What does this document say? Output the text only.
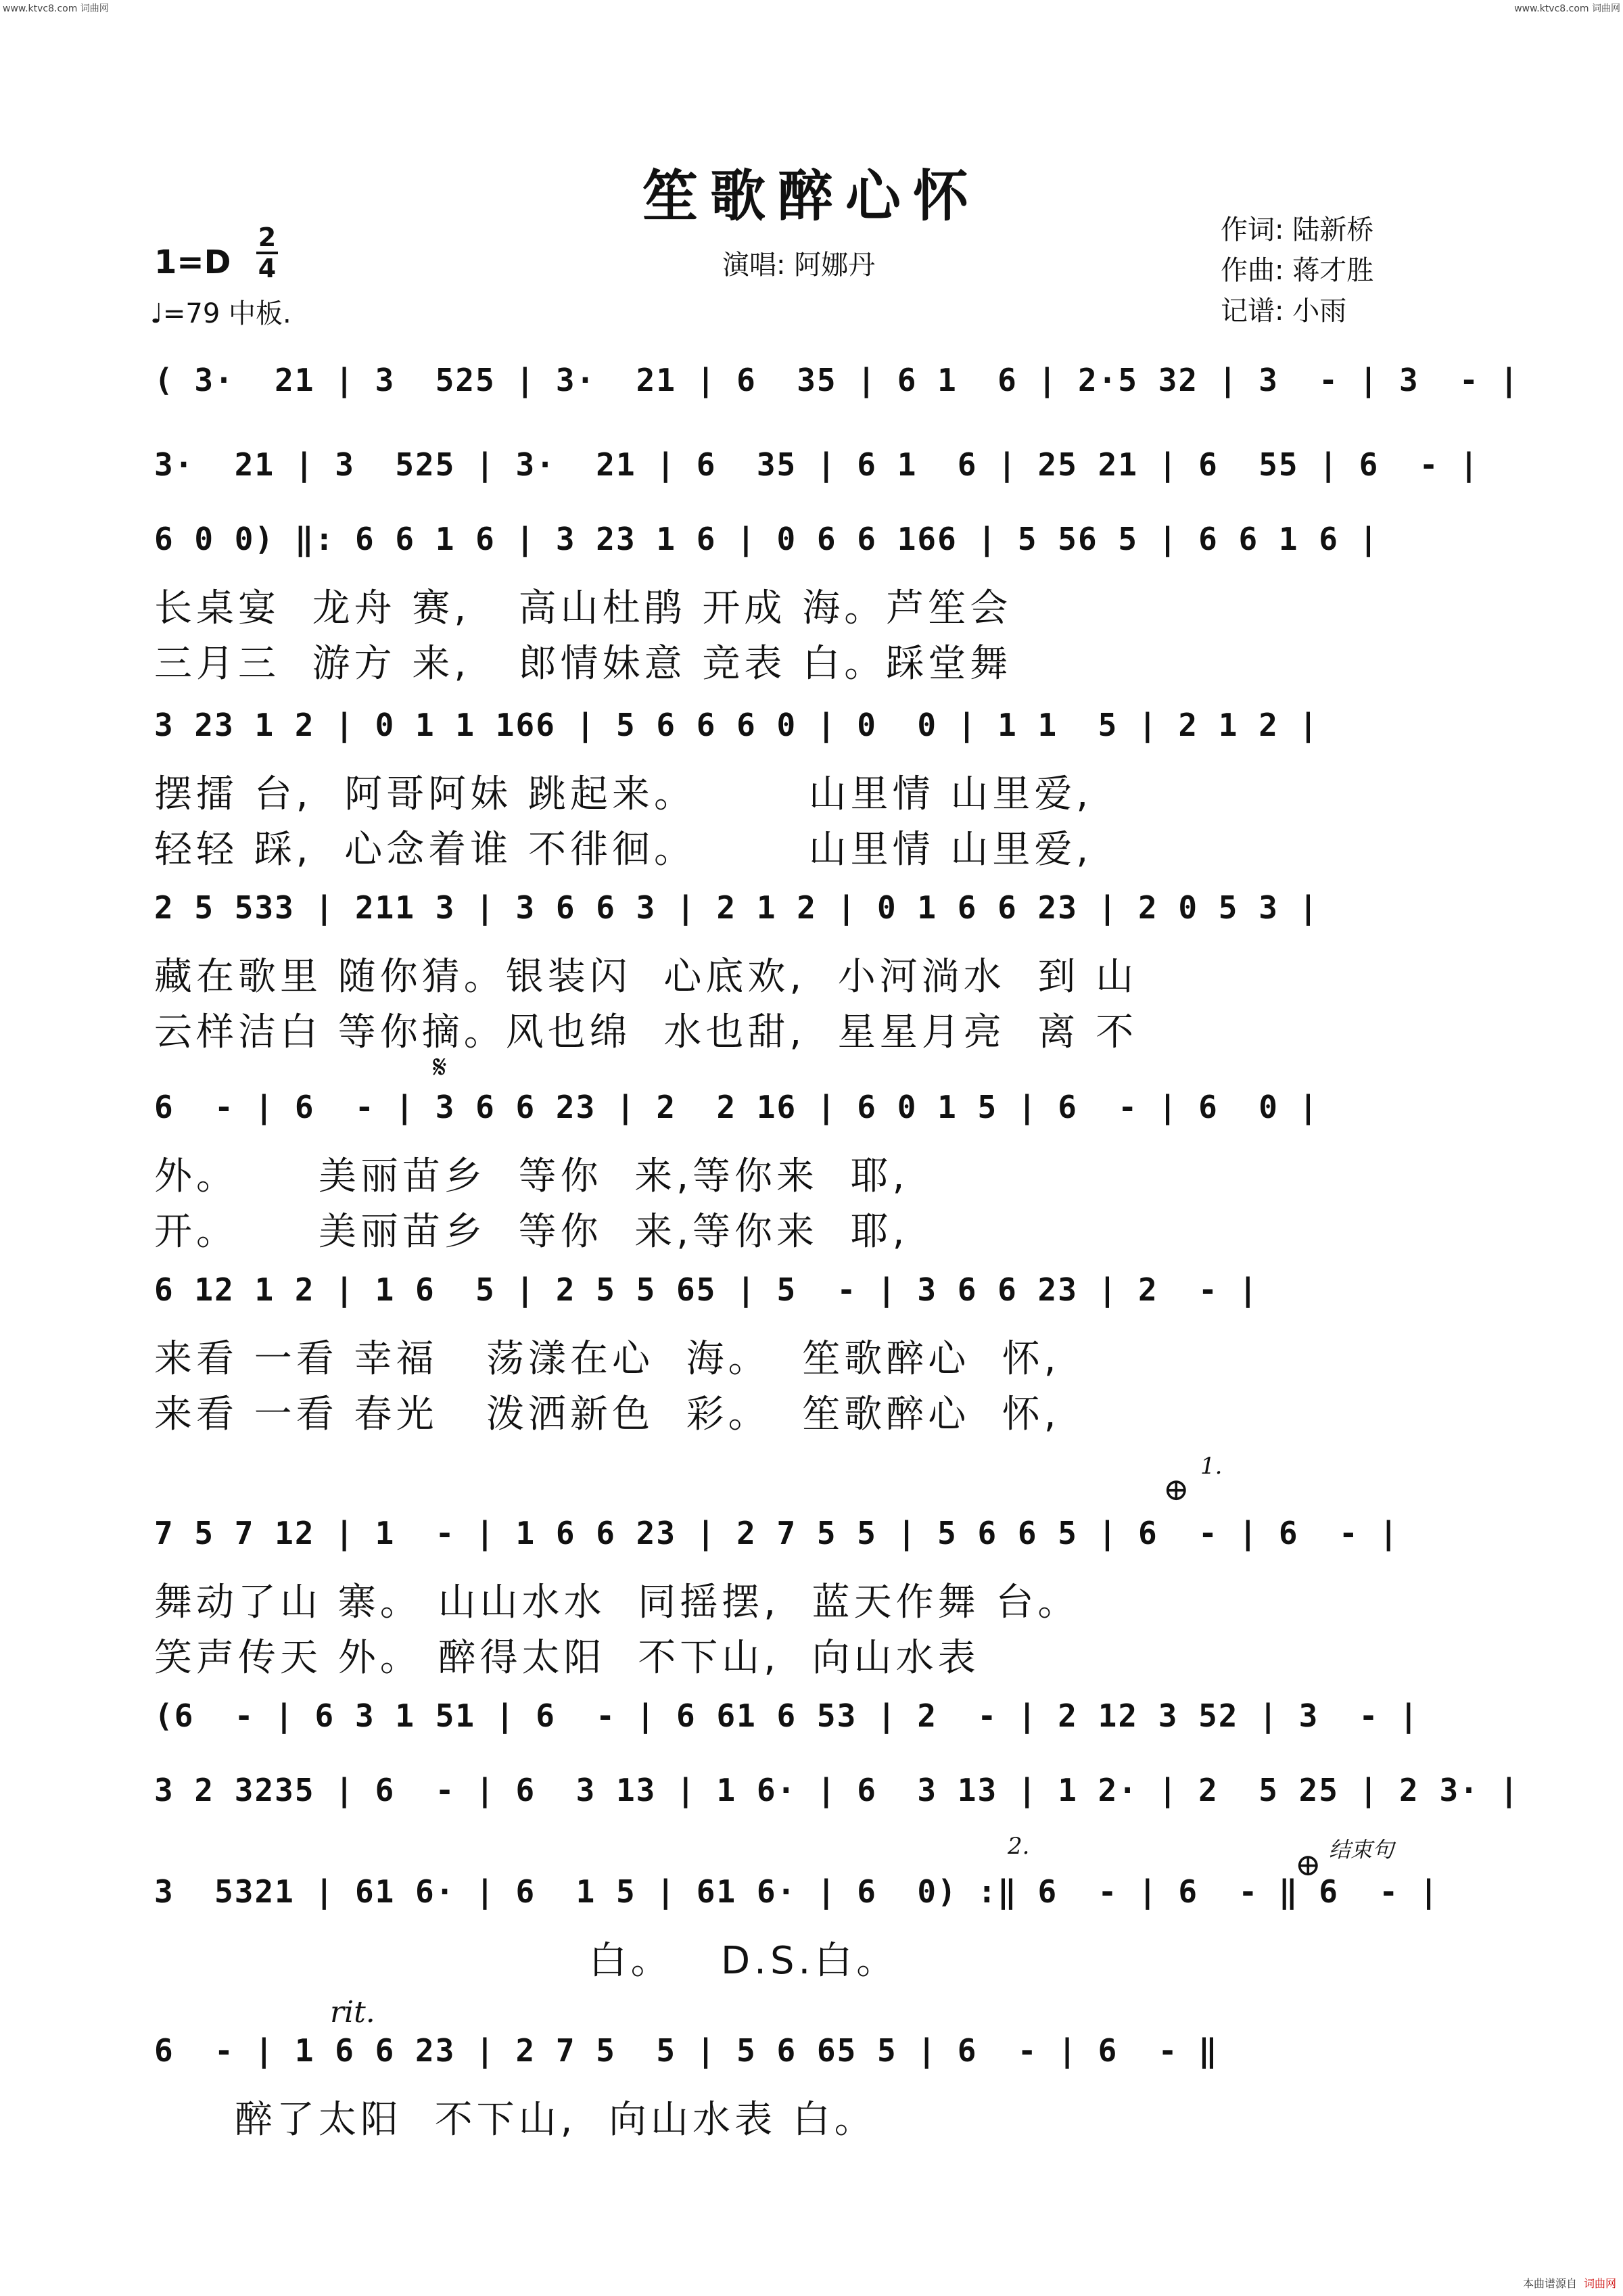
www.ktvc8.com 词曲网	www.ktvc8.com 词曲网
笙歌醉心怀
1=D
2
4
♩=79 中板.
演唱: 阿娜丹
作词: 陆新桥
作曲: 蒋才胜
记谱: 小雨
( 3·  21 | 3  525 | 3·  21 | 6  35 | 6 1  6 | 2·5 32 | 3  - | 3  - |
3·  21 | 3  525 | 3·  21 | 6  35 | 6 1  6 | 25 21 | 6  55 | 6  - |
6 0 0) ‖: 6 6 1 6 | 3 23 1 6 | 0 6 6 166 | 5 56 5 | 6 6 1 6 |
长桌宴  龙舟 赛,   高山杜鹃 开成 海。芦笙会
三月三  游方 来,   郎情妹意 竞表 白。踩堂舞
3 23 1 2 | 0 1 1 166 | 5 6 6 6 0 | 0  0 | 1 1  5 | 2 1 2 |
摆擂 台,  阿哥阿妹 跳起来。       山里情 山里爱,
轻轻 踩,  心念着谁 不徘徊。       山里情 山里爱,
2 5 533 | 211 3 | 3 6 6 3 | 2 1 2 | 0 1 6 6 23 | 2 0 5 3 |
藏在歌里 随你猜。银装闪  心底欢,  小河淌水  到 山
云样洁白 等你摘。风也绵  水也甜,  星星月亮  离 不
6  - | 6  - | 3 6 6 23 | 2  2 16 | 6 0 1 5 | 6  - | 6  0 |
外。     美丽苗乡  等你  来,等你来  耶,
开。     美丽苗乡  等你  来,等你来  耶,
6 12 1 2 | 1 6  5 | 2 5 5 65 | 5  - | 3 6 6 23 | 2  - |
来看 一看 幸福   荡漾在心  海。  笙歌醉心  怀,
来看 一看 春光   泼洒新色  彩。  笙歌醉心  怀,
7 5 7 12 | 1  - | 1 6 6 23 | 2 7 5 5 | 5 6 6 5 | 6  - | 6  - |
舞动了山 寨。 山山水水  同摇摆,  蓝天作舞 台。
笑声传天 外。 醉得太阳  不下山,  向山水表
(6  - | 6 3 1 51 | 6  - | 6 61 6 53 | 2  - | 2 12 3 52 | 3  - |
3 2 3235 | 6  - | 6  3 13 | 1 6· | 6  3 13 | 1 2· | 2  5 25 | 2 3· |
3  5321 | 61 6· | 6  1 5 | 61 6· | 6  0) :‖ 6  - | 6  - ‖ 6  - |
白。   D.S.白。
6  - | 1 6 6 23 | 2 7 5  5 | 5 6 65 5 | 6  - | 6  - ‖
醉了太阳  不下山,  向山水表 白。
𝄋
1.
⊕
2.	⊕ 结束句
rit.
本曲谱源自 词曲网
